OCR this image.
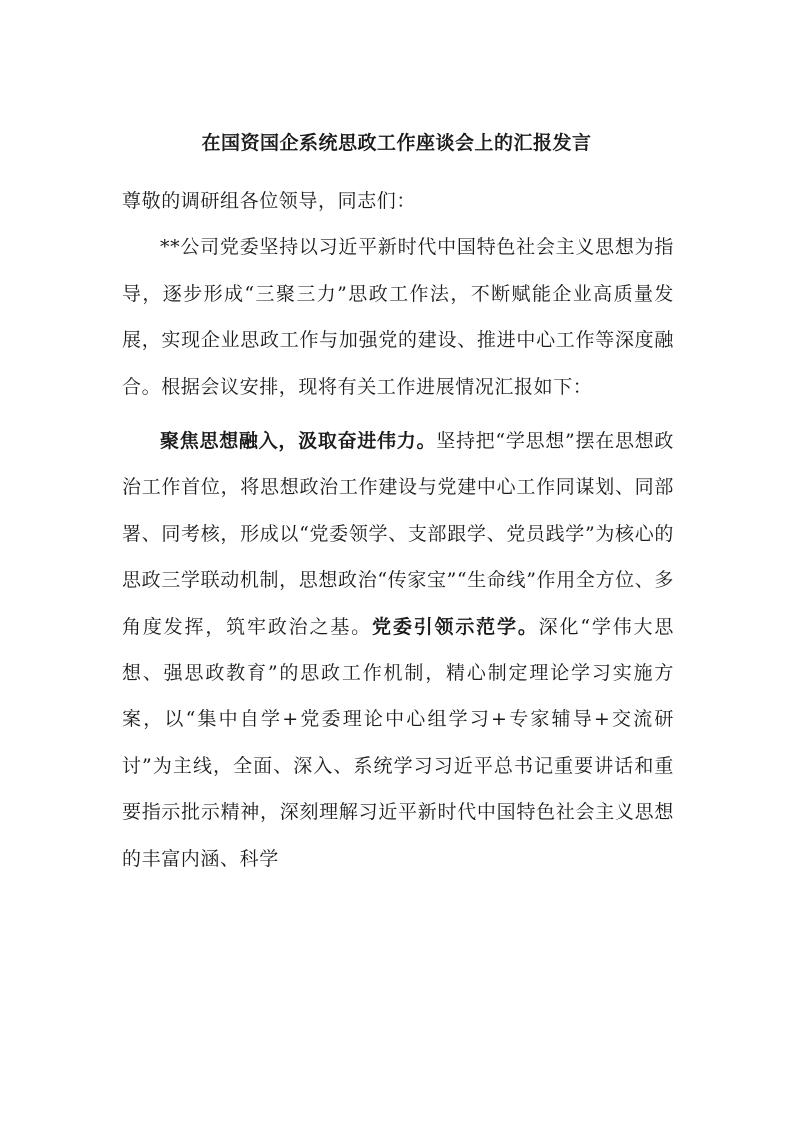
在国资国企系统思政工作座谈会上的汇报发言

尊敬的调研组各位领导，同志们：

**公司党委坚持以习近平新时代中国特色社会主义思想为指导，逐步形成“三聚三力”思政工作法，不断赋能企业高质量发展，实现企业思政工作与加强党的建设、推进中心工作等深度融合。根据会议安排，现将有关工作进展情况汇报如下：

聚焦思想融入，汲取奋进伟力。坚持把“学思想”摆在思想政治工作首位，将思想政治工作建设与党建中心工作同谋划、同部署、同考核，形成以“党委领学、支部跟学、党员践学”为核心的思政三学联动机制，思想政治“传家宝”“生命线”作用全方位、多角度发挥，筑牢政治之基。党委引领示范学。深化“学伟大思想、强思政教育”的思政工作机制，精心制定理论学习实施方案，以“集中自学+党委理论中心组学习+专家辅导+交流研讨”为主线，全面、深入、系统学习习近平总书记重要讲话和重要指示批示精神，深刻理解习近平新时代中国特色社会主义思想的丰富内涵、科学
